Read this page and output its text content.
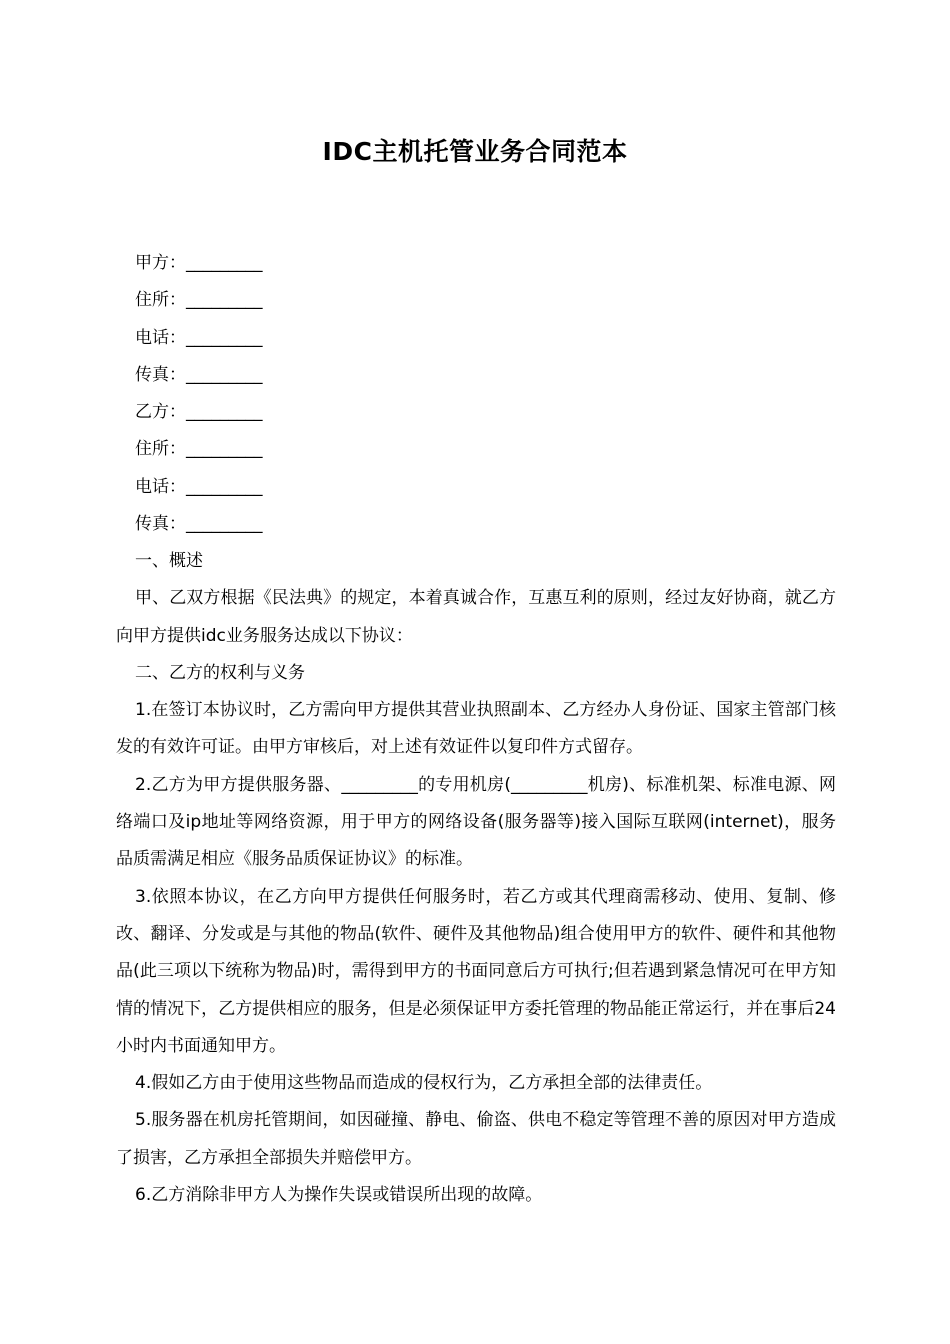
IDC主机托管业务合同范本
甲方：_________
住所：_________
电话：_________
传真：_________
乙方：_________
住所：_________
电话：_________
传真：_________
一、概述
甲、乙双方根据《民法典》的规定，本着真诚合作，互惠互利的原则，经过友好协商，就乙方向甲方提供idc业务服务达成以下协议：
二、乙方的权利与义务
1.在签订本协议时，乙方需向甲方提供其营业执照副本、乙方经办人身份证、国家主管部门核发的有效许可证。由甲方审核后，对上述有效证件以复印件方式留存。
2.乙方为甲方提供服务器、_________的专用机房(_________机房)、标准机架、标准电源、网络端口及ip地址等网络资源，用于甲方的网络设备(服务器等)接入国际互联网(internet)，服务品质需满足相应《服务品质保证协议》的标准。
3.依照本协议，在乙方向甲方提供任何服务时，若乙方或其代理商需移动、使用、复制、修改、翻译、分发或是与其他的物品(软件、硬件及其他物品)组合使用甲方的软件、硬件和其他物品(此三项以下统称为物品)时，需得到甲方的书面同意后方可执行;但若遇到紧急情况可在甲方知情的情况下，乙方提供相应的服务，但是必须保证甲方委托管理的物品能正常运行，并在事后24小时内书面通知甲方。
4.假如乙方由于使用这些物品而造成的侵权行为，乙方承担全部的法律责任。
5.服务器在机房托管期间，如因碰撞、静电、偷盗、供电不稳定等管理不善的原因对甲方造成了损害，乙方承担全部损失并赔偿甲方。
6.乙方消除非甲方人为操作失误或错误所出现的故障。
